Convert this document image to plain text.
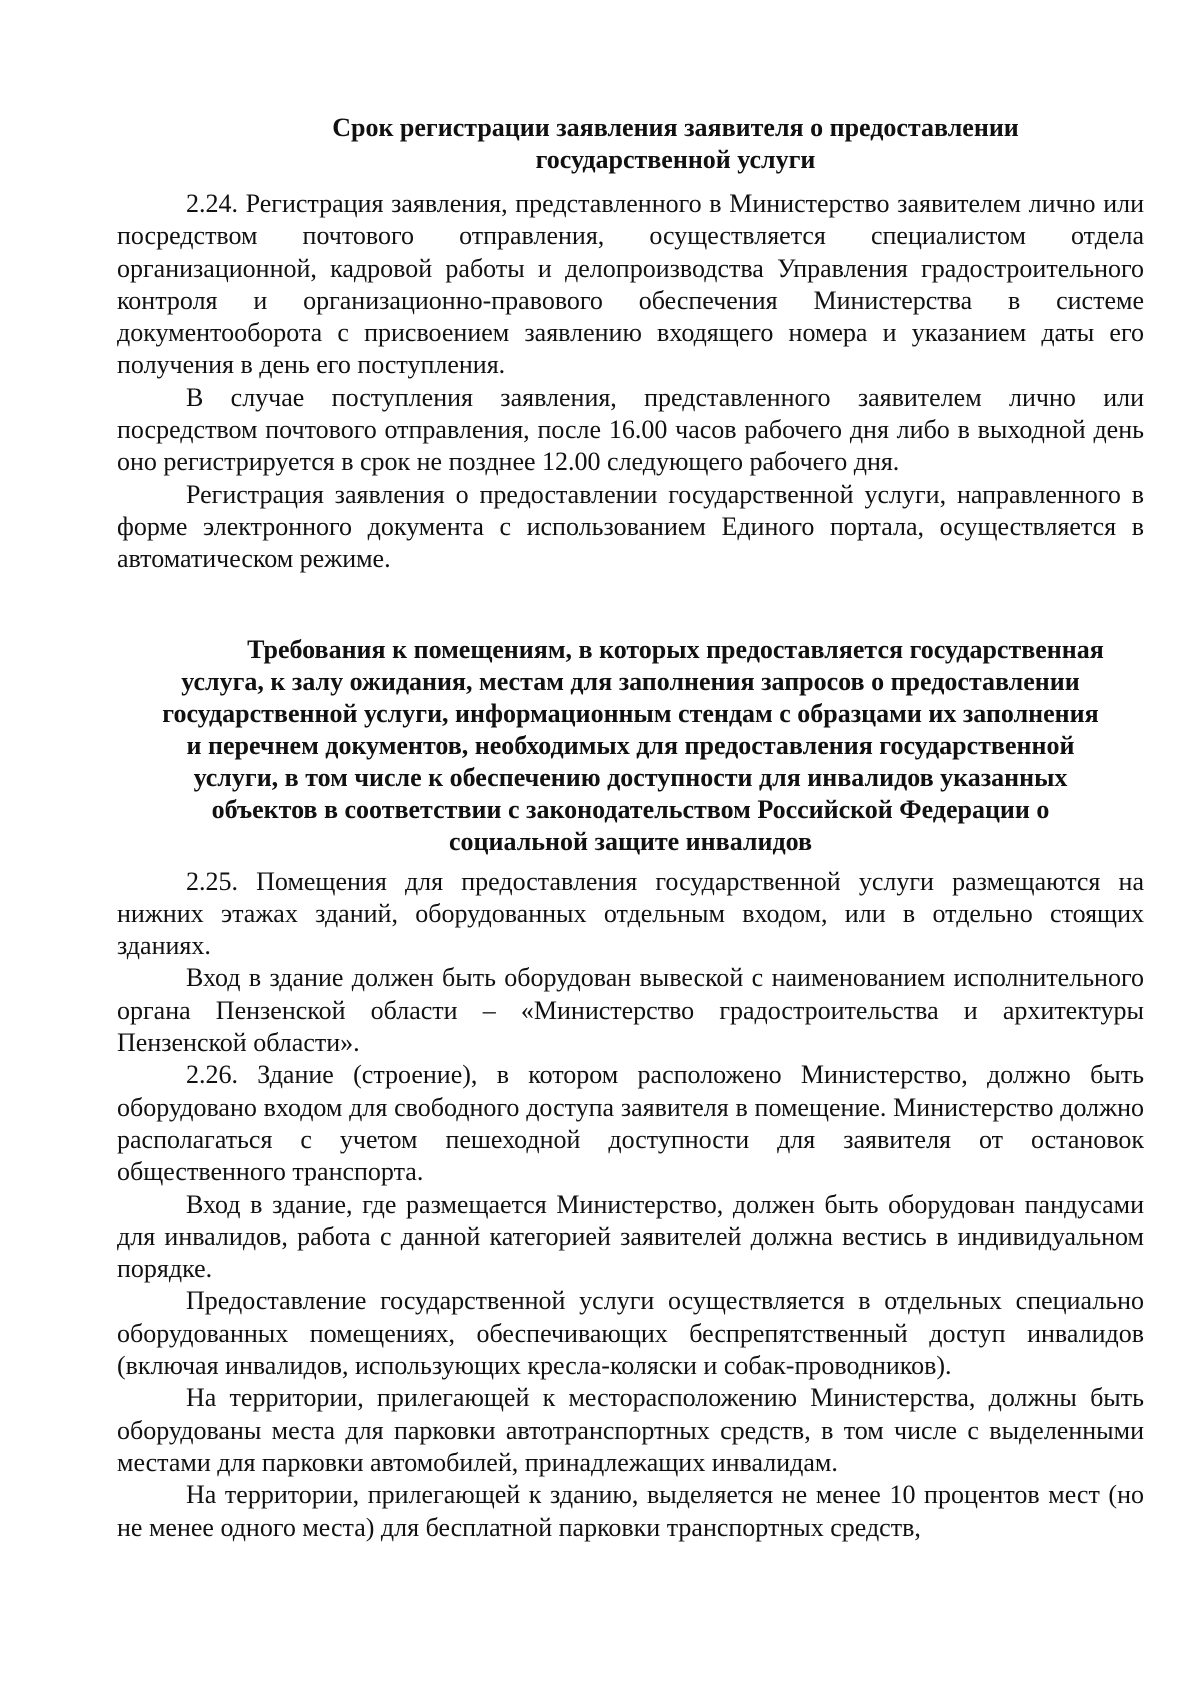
Срок регистрации заявления заявителя о предоставлении
государственной услуги

2.24. Регистрация заявления, представленного в Министерство заявителем лично или посредством почтового отправления, осуществляется специалистом отдела организационной, кадровой работы и делопроизводства Управления градостроительного контроля и организационно-правового обеспечения Министерства в системе документооборота с присвоением заявлению входящего номера и указанием даты его получения в день его поступления.

В случае поступления заявления, представленного заявителем лично или посредством почтового отправления, после 16.00 часов рабочего дня либо в выходной день оно регистрируется в срок не позднее 12.00 следующего рабочего дня.

Регистрация заявления о предоставлении государственной услуги, направленного в форме электронного документа с использованием Единого портала, осуществляется в автоматическом режиме.

Требования к помещениям, в которых предоставляется государственная
услуга, к залу ожидания, местам для заполнения запросов о предоставлении
государственной услуги, информационным стендам с образцами их заполнения
и перечнем документов, необходимых для предоставления государственной
услуги, в том числе к обеспечению доступности для инвалидов указанных
объектов в соответствии с законодательством Российской Федерации о
социальной защите инвалидов

2.25. Помещения для предоставления государственной услуги размещаются на нижних этажах зданий, оборудованных отдельным входом, или в отдельно стоящих зданиях.

Вход в здание должен быть оборудован вывеской с наименованием исполнительного органа Пензенской области – «Министерство градостроительства и архитектуры Пензенской области».

2.26. Здание (строение), в котором расположено Министерство, должно быть оборудовано входом для свободного доступа заявителя в помещение. Министерство должно располагаться с учетом пешеходной доступности для заявителя от остановок общественного транспорта.

Вход в здание, где размещается Министерство, должен быть оборудован пандусами для инвалидов, работа с данной категорией заявителей должна вестись в индивидуальном порядке.

Предоставление государственной услуги осуществляется в отдельных специально оборудованных помещениях, обеспечивающих беспрепятственный доступ инвалидов (включая инвалидов, использующих кресла-коляски и собак-проводников).

На территории, прилегающей к месторасположению Министерства, должны быть оборудованы места для парковки автотранспортных средств, в том числе с выделенными местами для парковки автомобилей, принадлежащих инвалидам.

На территории, прилегающей к зданию, выделяется не менее 10 процентов мест (но не менее одного места) для бесплатной парковки транспортных средств,
